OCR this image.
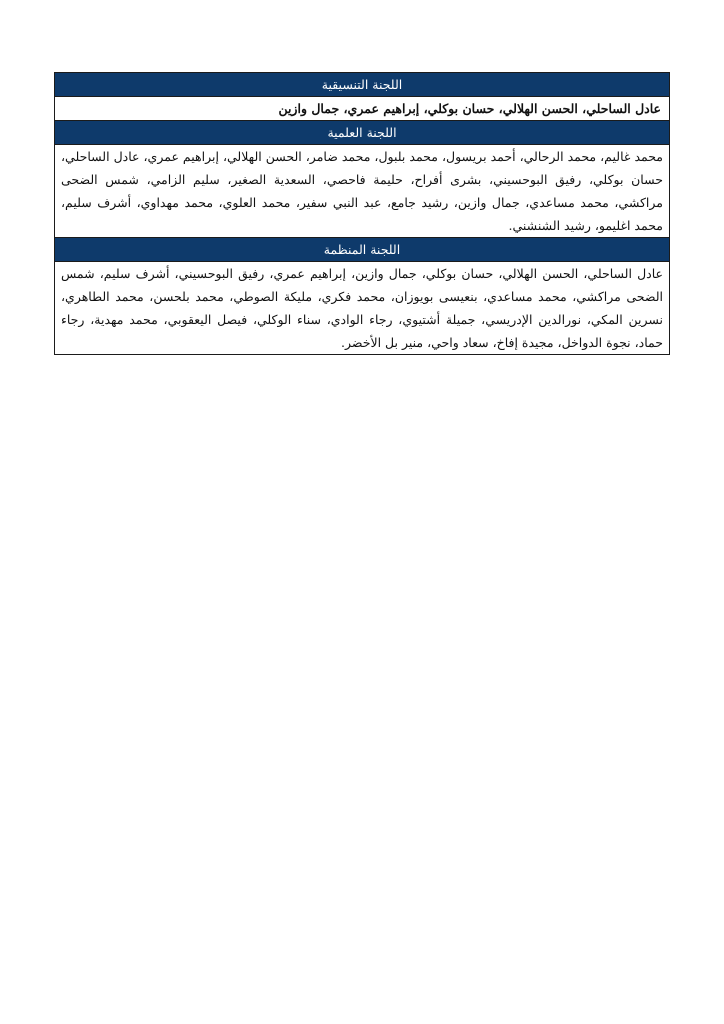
اللجنة التنسيقية
عادل الساحلي، الحسن الهلالي، حسان بوكلي، إبراهيم عمري، جمال وازين
اللجنة العلمية
محمد غاليم، محمد الرحالي، أحمد بريسول، محمد بلبول، محمد ضامر، الحسن الهلالي، إبراهيم عمري، عادل الساحلي، حسان بوكلي، رفيق البوحسيني، بشرى أفراح، حليمة فاحصي، السعدية الصغير، سليم الزامي، شمس الضحى مراكشي، محمد مساعدي، جمال وازين، رشيد جامع، عبد النبي سفير، محمد العلوي، محمد مهداوي، أشرف سليم، محمد اغليمو، رشيد الشنشني.
اللجنة المنظمة
عادل الساحلي، الحسن الهلالي، حسان بوكلي، جمال وازين، إبراهيم عمري، رفيق البوحسيني، أشرف سليم، شمس الضحى مراكشي، محمد مساعدي، بنعيسى بويوزان، محمد فكري، مليكة الصوطي، محمد بلحسن، محمد الطاهري، نسرين المكي، نورالدين الإدريسي، جميلة أشتيوي، رجاء الوادي، سناء الوكلي، فيصل اليعقوبي، محمد مهدية، رجاء حماد، نجوة الدواخل، مجيدة إفاخ، سعاد واحي، منير بل الأخضر.
